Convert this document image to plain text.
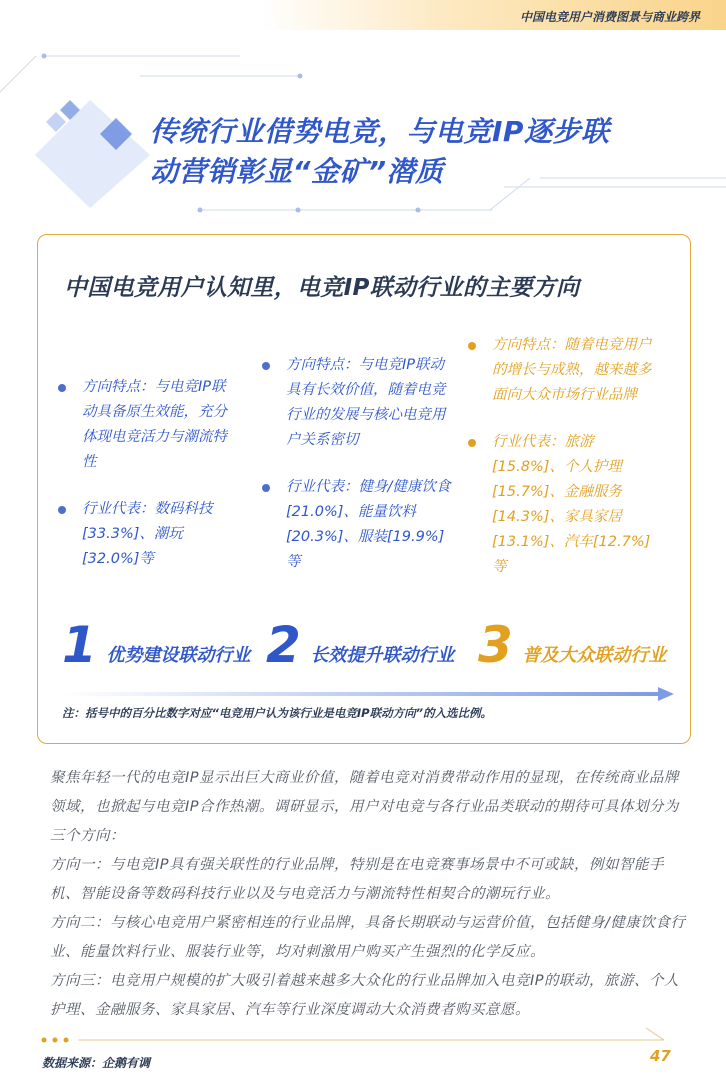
中国电竞用户消费图景与商业跨界
传统行业借势电竞，与电竞IP逐步联
动营销彰显“金矿”潜质
中国电竞用户认知里，电竞IP联动行业的主要方向
方向特点：与电竞IP联动具备原生效能，充分体现电竞活力与潮流特性
行业代表：数码科技[33.3%]、潮玩[32.0%]等
方向特点：与电竞IP联动具有长效价值，随着电竞行业的发展与核心电竞用户关系密切
行业代表：健身/健康饮食[21.0%]、能量饮料[20.3%]、服装[19.9%] 等
方向特点：随着电竞用户的增长与成熟，越来越多面向大众市场行业品牌
行业代表：旅游[15.8%]、个人护理[15.7%]、金融服务[14.3%]、家具家居[13.1%]、汽车[12.7%]等
1 优势建设联动行业 2 长效提升联动行业 3 普及大众联动行业
注：括号中的百分比数字对应“电竞用户认为该行业是电竞IP联动方向”的入选比例。

聚焦年轻一代的电竞IP显示出巨大商业价值，随着电竞对消费带动作用的显现，在传统商业品牌领域，也掀起与电竞IP合作热潮。调研显示，用户对电竞与各行业品类联动的期待可具体划分为三个方向：

方向一：与电竞IP具有强关联性的行业品牌，特别是在电竞赛事场景中不可或缺，例如智能手机、智能设备等数码科技行业以及与电竞活力与潮流特性相契合的潮玩行业。

方向二：与核心电竞用户紧密相连的行业品牌，具备长期联动与运营价值，包括健身/健康饮食行业、能量饮料行业、服装行业等，均对刺激用户购买产生强烈的化学反应。

方向三：电竞用户规模的扩大吸引着越来越多大众化的行业品牌加入电竞IP的联动，旅游、个人护理、金融服务、家具家居、汽车等行业深度调动大众消费者购买意愿。

数据来源：企鹅有调	47
